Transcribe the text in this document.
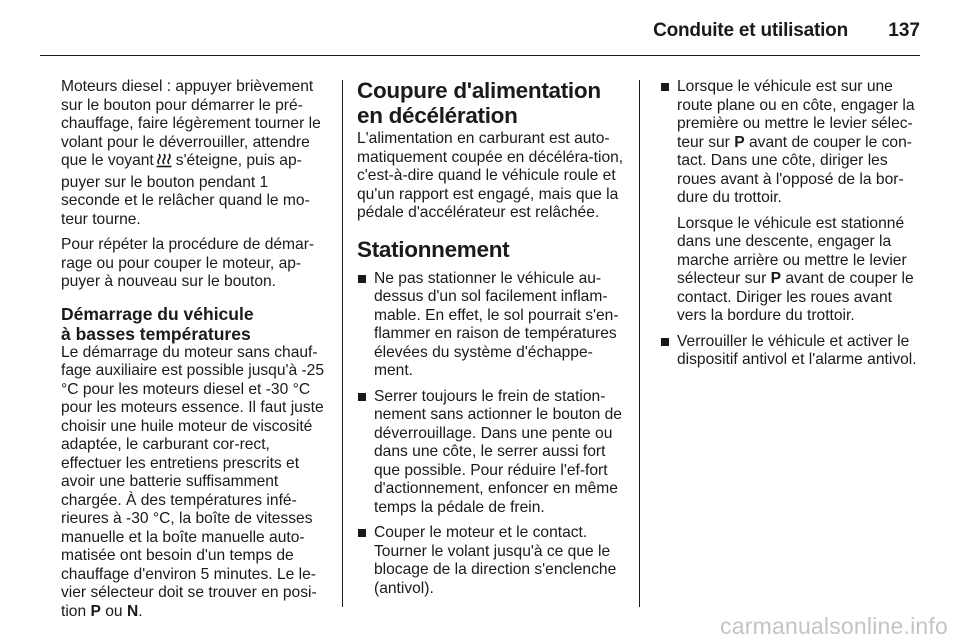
Conduite et utilisation 137

Moteurs diesel : appuyer brièvement sur le bouton pour démarrer le pré-chauffage, faire légèrement tourner le volant pour le déverrouiller, attendre que le voyant s'éteigne, puis ap-puyer sur le bouton pendant 1 seconde et le relâcher quand le mo-teur tourne.

Pour répéter la procédure de démar-rage ou pour couper le moteur, ap-puyer à nouveau sur le bouton.

Démarrage du véhicule
à basses températures

Le démarrage du moteur sans chauf-fage auxiliaire est possible jusqu'à -25 °C pour les moteurs diesel et -30 °C pour les moteurs essence. Il faut juste choisir une huile moteur de viscosité adaptée, le carburant cor-rect, effectuer les entretiens prescrits et avoir une batterie suffisamment chargée. À des températures infé-rieures à -30 °C, la boîte de vitesses manuelle et la boîte manuelle auto-matisée ont besoin d'un temps de chauffage d'environ 5 minutes. Le le-vier sélecteur doit se trouver en posi-tion P ou N.

Coupure d'alimentation en décélération

L'alimentation en carburant est auto-matiquement coupée en décéléra-tion, c'est-à-dire quand le véhicule roule et qu'un rapport est engagé, mais que la pédale d'accélérateur est relâchée.

Stationnement
Ne pas stationner le véhicule au-dessus d'un sol facilement inflam-mable. En effet, le sol pourrait s'en-flammer en raison de températures élevées du système d'échappe-ment.
Serrer toujours le frein de station-nement sans actionner le bouton de déverrouillage. Dans une pente ou dans une côte, le serrer aussi fort que possible. Pour réduire l'ef-fort d'actionnement, enfoncer en même temps la pédale de frein.
Couper le moteur et le contact. Tourner le volant jusqu'à ce que le blocage de la direction s'enclenche (antivol).

Lorsque le véhicule est sur une route plane ou en côte, engager la première ou mettre le levier sélec-teur sur P avant de couper le con-tact. Dans une côte, diriger les roues avant à l'opposé de la bor-dure du trottoir.

Lorsque le véhicule est stationné dans une descente, engager la marche arrière ou mettre le levier sélecteur sur P avant de couper le contact. Diriger les roues avant vers la bordure du trottoir.

Verrouiller le véhicule et activer le dispositif antivol et l'alarme antivol.
carmanualsonline.info
